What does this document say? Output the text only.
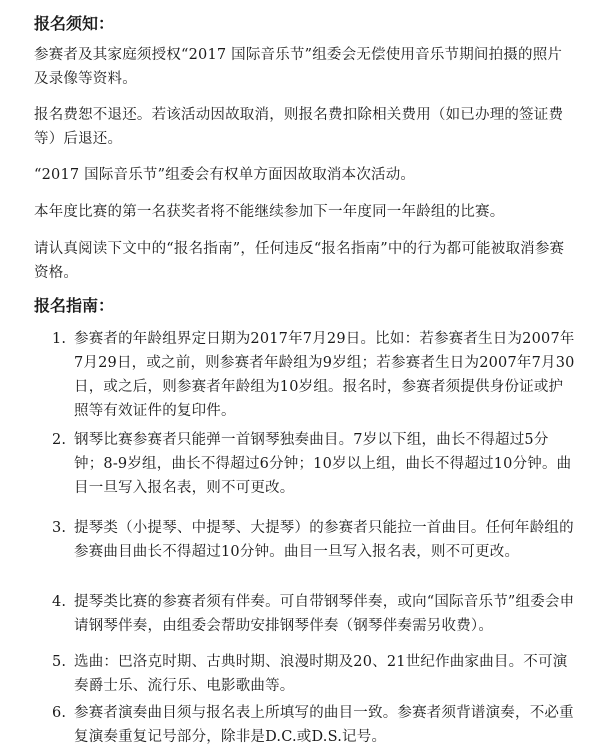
报名须知：

参赛者及其家庭须授权“2017 国际音乐节”组委会无偿使用音乐节期间拍摄的照片及录像等资料。

报名费恕不退还。若该活动因故取消，则报名费扣除相关费用（如已办理的签证费等）后退还。

“2017 国际音乐节”组委会有权单方面因故取消本次活动。

本年度比赛的第一名获奖者将不能继续参加下一年度同一年龄组的比赛。

请认真阅读下文中的“报名指南”，任何违反“报名指南”中的行为都可能被取消参赛资格。

报名指南：

1. 参赛者的年龄组界定日期为2017年7月29日。比如：若参赛者生日为2007年7月29日，或之前，则参赛者年龄组为9岁组；若参赛者生日为2007年7月30日，或之后，则参赛者年龄组为10岁组。报名时，参赛者须提供身份证或护照等有效证件的复印件。
2. 钢琴比赛参赛者只能弹一首钢琴独奏曲目。7岁以下组，曲长不得超过5分钟；8-9岁组，曲长不得超过6分钟；10岁以上组，曲长不得超过10分钟。曲目一旦写入报名表，则不可更改。
3. 提琴类（小提琴、中提琴、大提琴）的参赛者只能拉一首曲目。任何年龄组的参赛曲目曲长不得超过10分钟。曲目一旦写入报名表，则不可更改。
4. 提琴类比赛的参赛者须有伴奏。可自带钢琴伴奏，或向“国际音乐节”组委会申请钢琴伴奏，由组委会帮助安排钢琴伴奏（钢琴伴奏需另收费）。
5. 选曲：巴洛克时期、古典时期、浪漫时期及20、21世纪作曲家曲目。不可演奏爵士乐、流行乐、电影歌曲等。
6. 参赛者演奏曲目须与报名表上所填写的曲目一致。参赛者须背谱演奏，不必重复演奏重复记号部分，除非是D.C.或D.S.记号。
